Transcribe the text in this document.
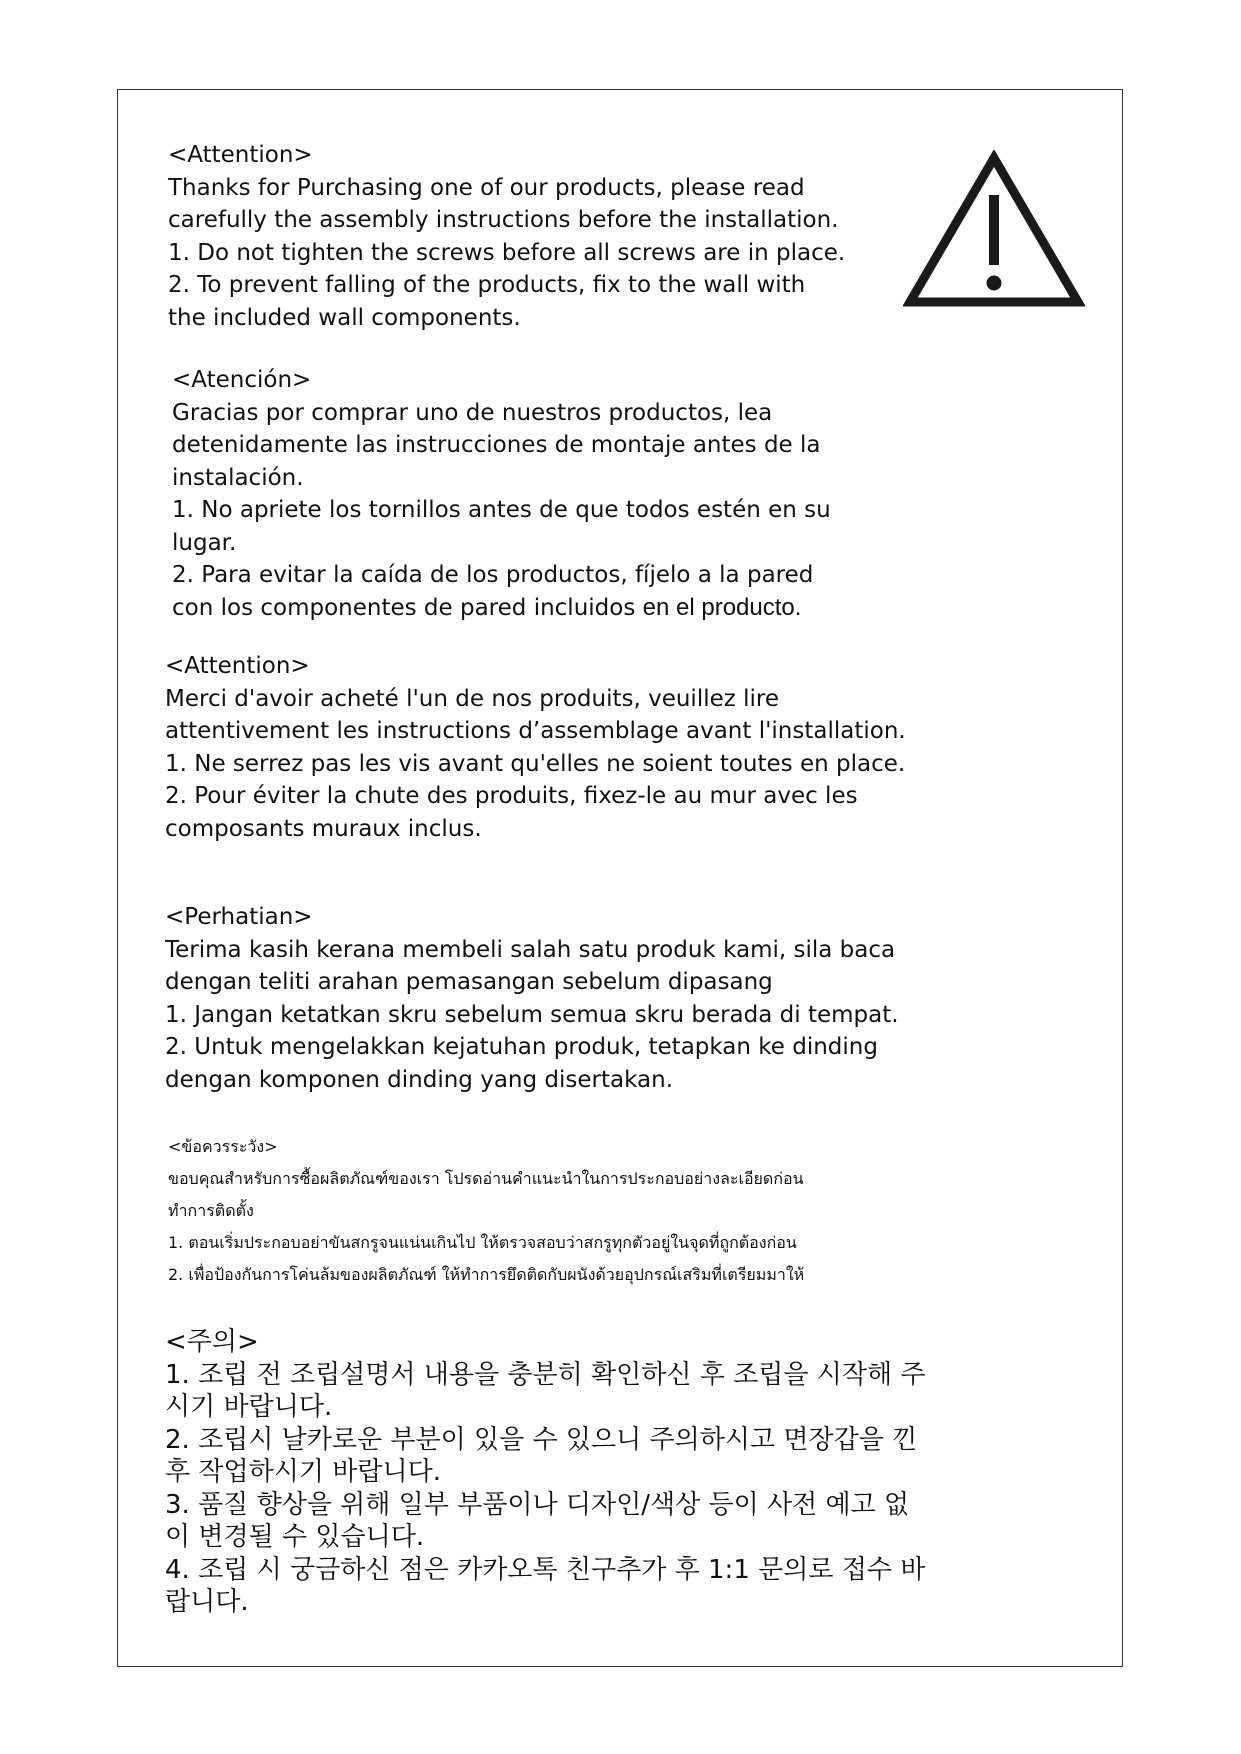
<Attention>
Thanks for Purchasing one of our products, please read
carefully the assembly instructions before the installation.
1. Do not tighten the screws before all screws are in place.
2. To prevent falling of the products, fix to the wall with
the included wall components.
<Atención>
Gracias por comprar uno de nuestros productos, lea
detenidamente las instrucciones de montaje antes de la
instalación.
1. No apriete los tornillos antes de que todos estén en su
lugar.
2. Para evitar la caída de los productos, fíjelo a la pared
con los componentes de pared incluidos en el producto.
<Attention>
Merci d'avoir acheté l'un de nos produits, veuillez lire
attentivement les instructions d’assemblage avant l'installation.
1. Ne serrez pas les vis avant qu'elles ne soient toutes en place.
2. Pour éviter la chute des produits, fixez-le au mur avec les
composants muraux inclus.
<Perhatian>
Terima kasih kerana membeli salah satu produk kami, sila baca
dengan teliti arahan pemasangan sebelum dipasang
1. Jangan ketatkan skru sebelum semua skru berada di tempat.
2. Untuk mengelakkan kejatuhan produk, tetapkan ke dinding
dengan komponen dinding yang disertakan.
<ข้อควรระวัง>
ขอบคุณสำหรับการซื้อผลิตภัณฑ์ของเรา โปรดอ่านคำแนะนำในการประกอบอย่างละเอียดก่อน
ทำการติดตั้ง
1. ตอนเริ่มประกอบอย่าขันสกรูจนแน่นเกินไป ให้ตรวจสอบว่าสกรูทุกตัวอยู่ในจุดที่ถูกต้องก่อน
2. เพื่อป้องกันการโค่นล้มของผลิตภัณฑ์ ให้ทำการยึดติดกับผนังด้วยอุปกรณ์เสริมที่เตรียมมาให้
<주의>
1. 조립 전 조립설명서 내용을 충분히 확인하신 후 조립을 시작해 주
시기 바랍니다.
2. 조립시 날카로운 부분이 있을 수 있으니 주의하시고 면장갑을 낀
후 작업하시기 바랍니다.
3. 품질 향상을 위해 일부 부품이나 디자인/색상 등이 사전 예고 없
이 변경될 수 있습니다.
4. 조립 시 궁금하신 점은 카카오톡 친구추가 후 1:1 문의로 접수 바
랍니다.
